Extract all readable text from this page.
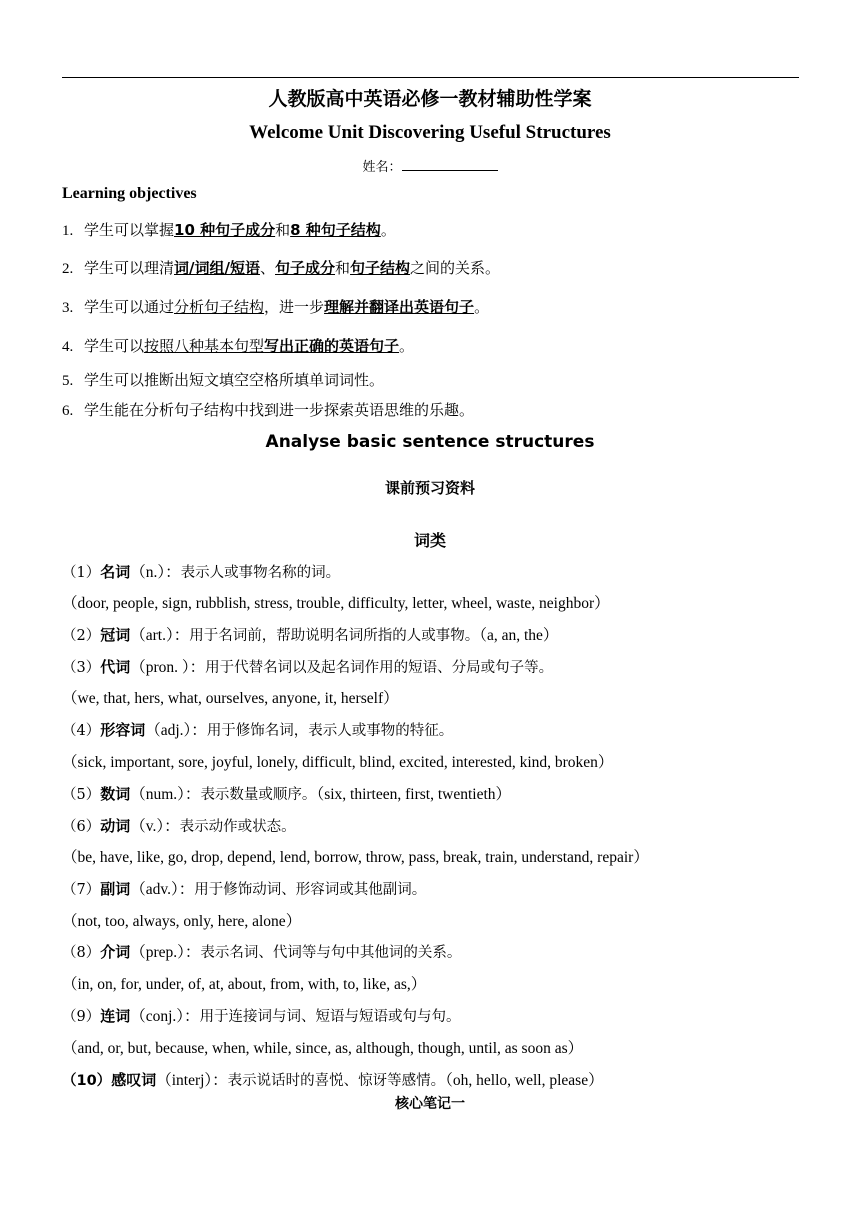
人教版高中英语必修一教材辅助性学案
Welcome Unit Discovering Useful Structures
姓名：
Learning objectives
1. 学生可以掌握10 种句子成分和8 种句子结构。
2. 学生可以理清词/词组/短语、句子成分和句子结构之间的关系。
3. 学生可以通过分析句子结构，进一步理解并翻译出英语句子。
4. 学生可以按照八种基本句型写出正确的英语句子。
5. 学生可以推断出短文填空空格所填单词词性。
6. 学生能在分析句子结构中找到进一步探索英语思维的乐趣。
Analyse basic sentence structures
课前预习资料
词类
（1）名词（n.）：表示人或事物名称的词。
（door, people, sign, rubblish, stress, trouble, difficulty, letter, wheel, waste, neighbor）
（2）冠词（art.）：用于名词前，帮助说明名词所指的人或事物。（a, an, the）
（3）代词（pron. ）：用于代替名词以及起名词作用的短语、分局或句子等。
（we, that, hers, what, ourselves, anyone, it, herself）
（4）形容词（adj.）：用于修饰名词，表示人或事物的特征。
（sick, important, sore, joyful, lonely, difficult, blind, excited, interested, kind, broken）
（5）数词（num.）：表示数量或顺序。（six, thirteen, first, twentieth）
（6）动词（v.）：表示动作或状态。
（be, have, like, go, drop, depend, lend, borrow, throw, pass, break, train, understand, repair）
（7）副词（adv.）：用于修饰动词、形容词或其他副词。
（not, too, always, only, here, alone）
（8）介词（prep.）：表示名词、代词等与句中其他词的关系。
（in, on, for, under, of, at, about, from, with, to, like, as,）
（9）连词（conj.）：用于连接词与词、短语与短语或句与句。
（and, or, but, because, when, while, since, as, although, though, until, as soon as）
（10）感叹词（interj）：表示说话时的喜悦、惊讶等感情。（oh, hello, well, please）
核心笔记一
